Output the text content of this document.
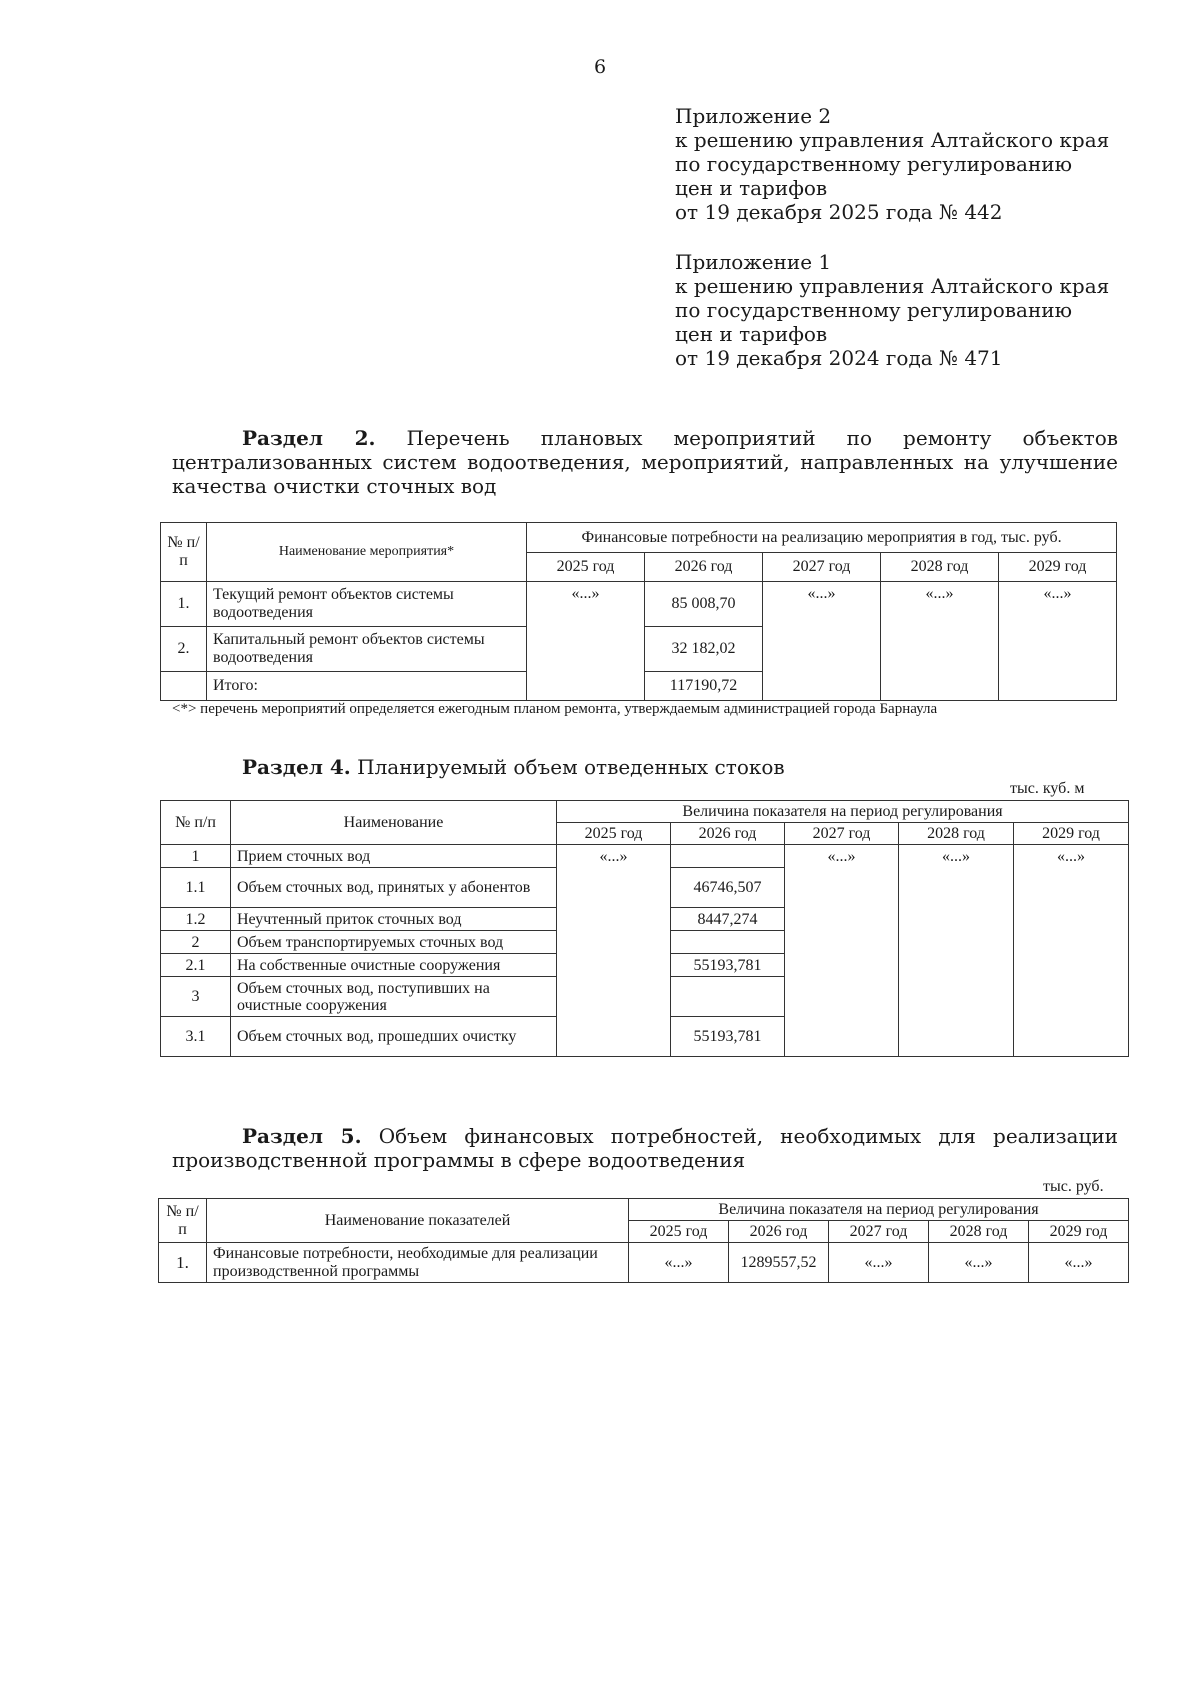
6
Приложение 2
к решению управления Алтайского края
по государственному регулированию
цен и тарифов
от 19 декабря 2025 года № 442
Приложение 1
к решению управления Алтайского края
по государственному регулированию
цен и тарифов
от 19 декабря 2024 года № 471
Раздел 2. Перечень плановых мероприятий по ремонту объектов централизованных систем водоотведения, мероприятий, направленных на улучшение качества очистки сточных вод
№ п/п	Наименование мероприятия*	Финансовые потребности на реализацию мероприятия в год, тыс. руб.				
		2025 год	2026 год	2027 год	2028 год	2029 год
1.	Текущий ремонт объектов системы водоотведения	«...»	85 008,70	«...»	«...»	«...»
2.	Капитальный ремонт объектов системы водоотведения		32 182,02			
	Итого:		117190,72			
<*> перечень мероприятий определяется ежегодным планом ремонта, утверждаемым администрацией города Барнаула
Раздел 4. Планируемый объем отведенных стоков
тыс. куб. м
№ п/п	Наименование	Величина показателя на период регулирования				
		2025 год	2026 год	2027 год	2028 год	2029 год
1	Прием сточных вод	«...»		«...»	«...»	«...»
1.1	Объем сточных вод, принятых у абонентов		46746,507			
1.2	Неучтенный приток сточных вод		8447,274			
2	Объем транспортируемых сточных вод					
2.1	На собственные очистные сооружения		55193,781			
3	Объем сточных вод, поступивших на очистные сооружения					
3.1	Объем сточных вод, прошедших очистку		55193,781			
Раздел 5. Объем финансовых потребностей, необходимых для реализации производственной программы в сфере водоотведения
тыс. руб.
№ п/п	Наименование показателей	Величина показателя на период регулирования				
		2025 год	2026 год	2027 год	2028 год	2029 год
1.	Финансовые потребности, необходимые для реализации производственной программы	«...»	1289557,52	«...»	«...»	«...»
